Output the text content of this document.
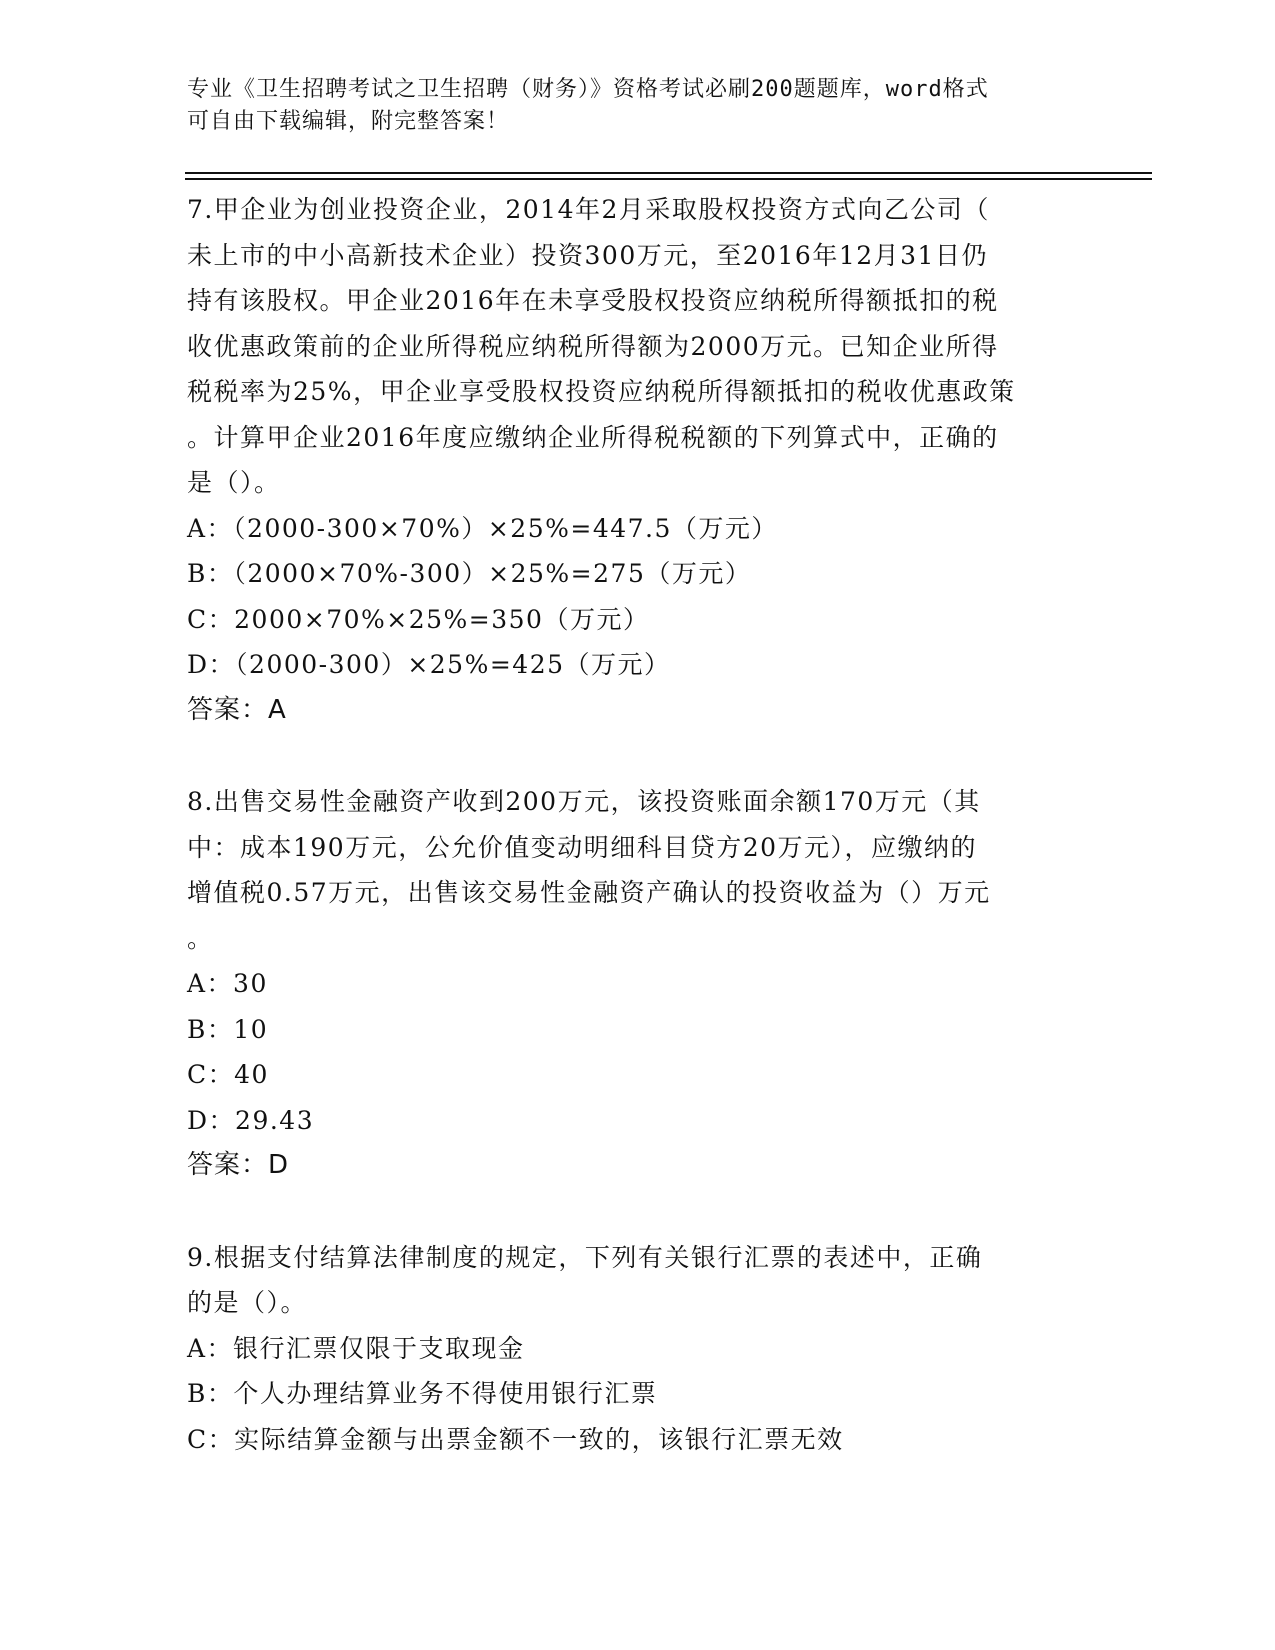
专业《卫生招聘考试之卫生招聘（财务）》资格考试必刷200题题库，word格式
可自由下载编辑，附完整答案！
7.甲企业为创业投资企业，2014年2月采取股权投资方式向乙公司（
未上市的中小高新技术企业）投资300万元，至2016年12月31日仍
持有该股权。甲企业2016年在未享受股权投资应纳税所得额抵扣的税
收优惠政策前的企业所得税应纳税所得额为2000万元。已知企业所得
税税率为25%，甲企业享受股权投资应纳税所得额抵扣的税收优惠政策
。计算甲企业2016年度应缴纳企业所得税税额的下列算式中，正确的
是（）。
A：（2000-300×70%）×25%=447.5（万元）
B：（2000×70%-300）×25%=275（万元）
C：2000×70%×25%=350（万元）
D：（2000-300）×25%=425（万元）
答案：A
8.出售交易性金融资产收到200万元，该投资账面余额170万元（其
中：成本190万元，公允价值变动明细科目贷方20万元），应缴纳的
增值税0.57万元，出售该交易性金融资产确认的投资收益为（）万元
。
A：30
B：10
C：40
D：29.43
答案：D
9.根据支付结算法律制度的规定，下列有关银行汇票的表述中，正确
的是（）。
A：银行汇票仅限于支取现金
B：个人办理结算业务不得使用银行汇票
C：实际结算金额与出票金额不一致的，该银行汇票无效
